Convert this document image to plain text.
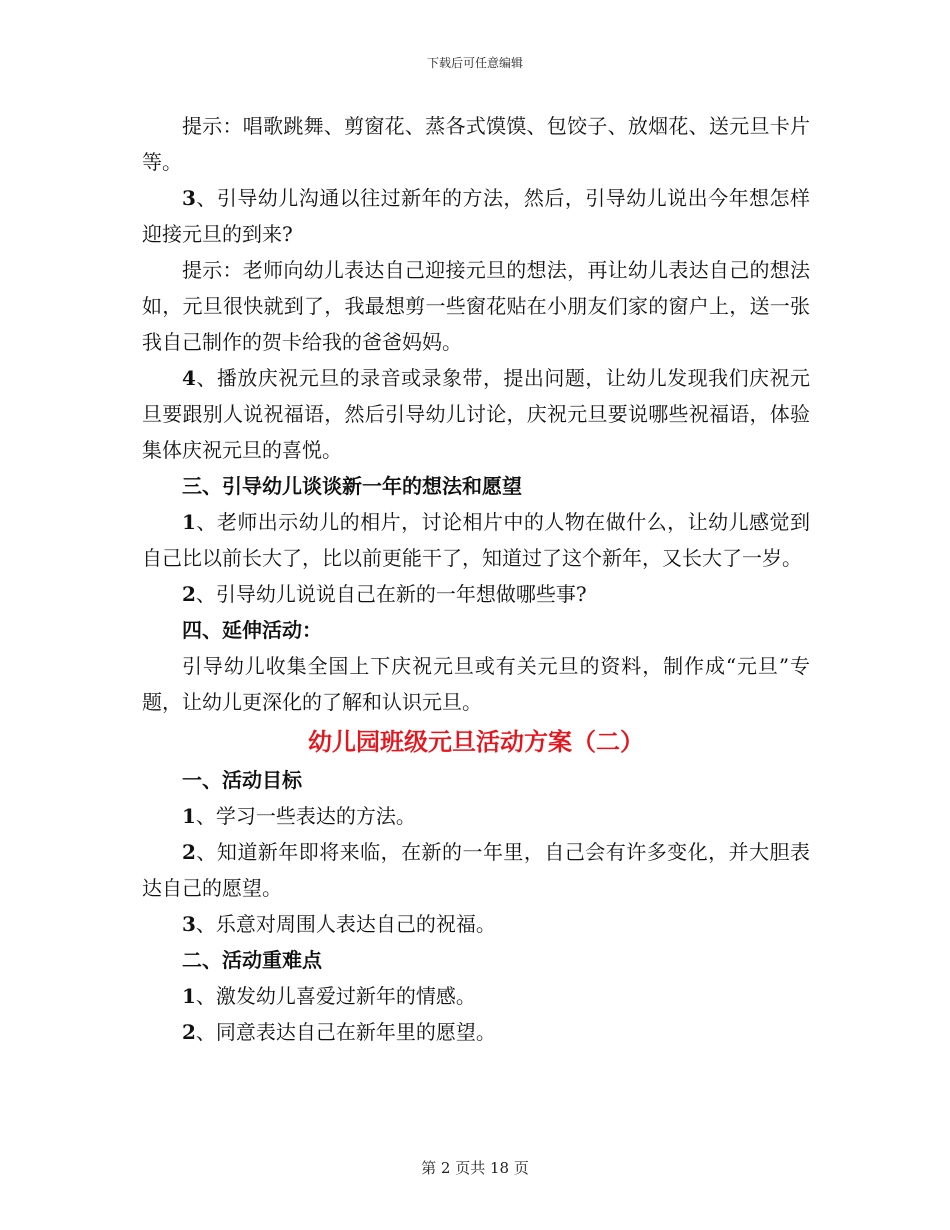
下载后可任意编辑

提示：唱歌跳舞、剪窗花、蒸各式馍馍、包饺子、放烟花、送元旦卡片等。

3、引导幼儿沟通以往过新年的方法，然后，引导幼儿说出今年想怎样迎接元旦的到来?

提示：老师向幼儿表达自己迎接元旦的想法，再让幼儿表达自己的想法如，元旦很快就到了，我最想剪一些窗花贴在小朋友们家的窗户上，送一张我自己制作的贺卡给我的爸爸妈妈。

4、播放庆祝元旦的录音或录象带，提出问题，让幼儿发现我们庆祝元旦要跟别人说祝福语，然后引导幼儿讨论，庆祝元旦要说哪些祝福语，体验集体庆祝元旦的喜悦。

三、引导幼儿谈谈新一年的想法和愿望

1、老师出示幼儿的相片，讨论相片中的人物在做什么，让幼儿感觉到自己比以前长大了，比以前更能干了，知道过了这个新年，又长大了一岁。

2、引导幼儿说说自己在新的一年想做哪些事?

四、延伸活动：

引导幼儿收集全国上下庆祝元旦或有关元旦的资料，制作成“元旦”专题，让幼儿更深化的了解和认识元旦。

幼儿园班级元旦活动方案（二）

一、活动目标

1、学习一些表达的方法。

2、知道新年即将来临，在新的一年里，自己会有许多变化，并大胆表达自己的愿望。

3、乐意对周围人表达自己的祝福。

二、活动重难点

1、激发幼儿喜爱过新年的情感。

2、同意表达自己在新年里的愿望。

第 2 页共 18 页
